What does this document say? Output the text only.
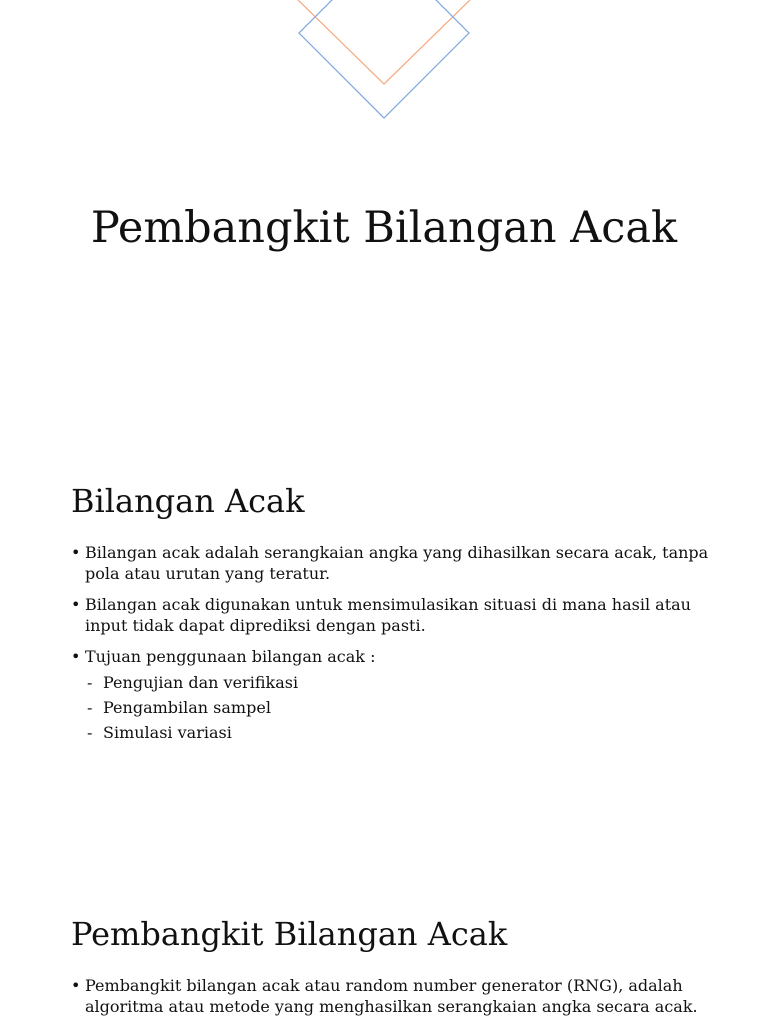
Pembangkit Bilangan Acak
Bilangan Acak
• Bilangan acak adalah serangkaian angka yang dihasilkan secara acak, tanpa pola atau urutan yang teratur.
• Bilangan acak digunakan untuk mensimulasikan situasi di mana hasil atau input tidak dapat diprediksi dengan pasti.
• Tujuan penggunaan bilangan acak :
- Pengujian dan verifikasi
- Pengambilan sampel
- Simulasi variasi
Pembangkit Bilangan Acak
• Pembangkit bilangan acak atau random number generator (RNG), adalah algoritma atau metode yang menghasilkan serangkaian angka secara acak.
